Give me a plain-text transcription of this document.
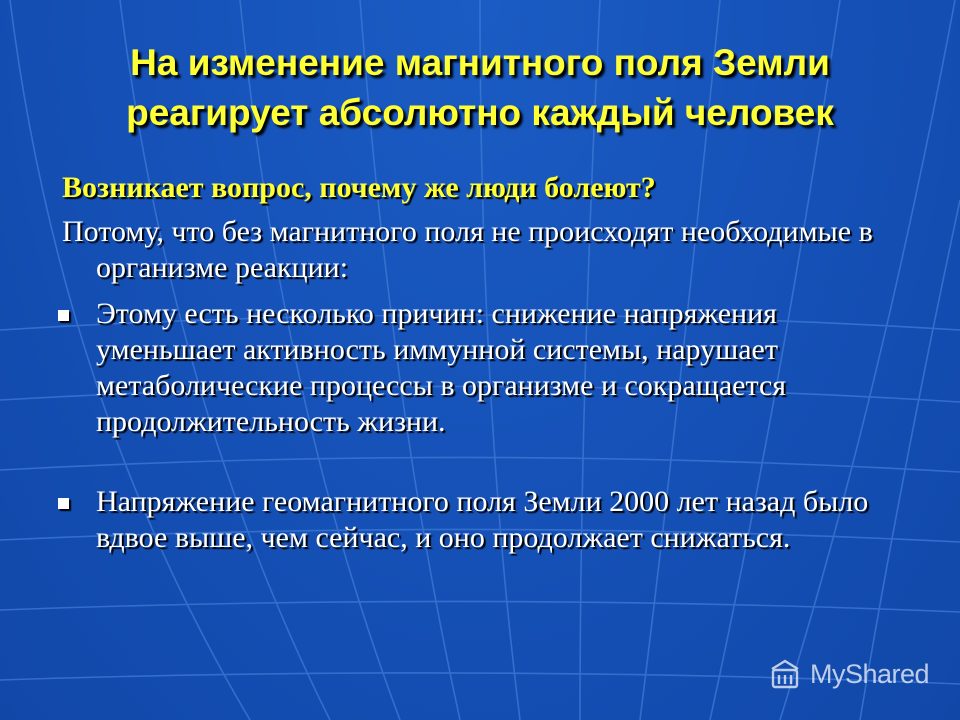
На изменение магнитного поля Земли
реагирует абсолютно каждый человек
Возникает вопрос, почему же люди болеют?
Потому, что без магнитного поля не происходят необходимые в организме реакции:
Этому есть несколько причин: снижение напряжения уменьшает активность иммунной системы, нарушает метаболические процессы в организме и сокращается продолжительность жизни.
Напряжение геомагнитного поля Земли 2000 лет назад было вдвое выше, чем сейчас, и оно продолжает снижаться.
MyShared
